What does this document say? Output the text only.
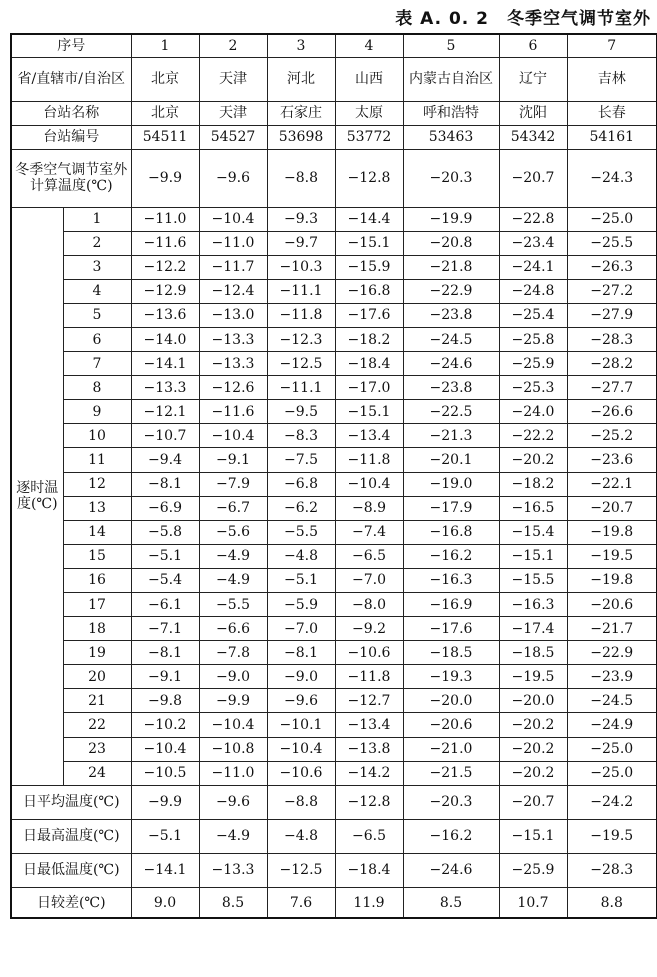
表 A. 0. 2　冬季空气调节室外
序号		1	2	3	4	5	6	7
省/直辖市/自治区		北京	天津	河北	山西	内蒙古自治区	辽宁	吉林
台站名称		北京	天津	石家庄	太原	呼和浩特	沈阳	长春
台站编号		54511	54527	53698	53772	53463	54342	54161
冬季空气调节室外计算温度(℃)		−9.9	−9.6	−8.8	−12.8	−20.3	−20.7	−24.3
逐时温度(℃)	1	−11.0	−10.4	−9.3	−14.4	−19.9	−22.8	−25.0
	2	−11.6	−11.0	−9.7	−15.1	−20.8	−23.4	−25.5
	3	−12.2	−11.7	−10.3	−15.9	−21.8	−24.1	−26.3
	4	−12.9	−12.4	−11.1	−16.8	−22.9	−24.8	−27.2
	5	−13.6	−13.0	−11.8	−17.6	−23.8	−25.4	−27.9
	6	−14.0	−13.3	−12.3	−18.2	−24.5	−25.8	−28.3
	7	−14.1	−13.3	−12.5	−18.4	−24.6	−25.9	−28.2
	8	−13.3	−12.6	−11.1	−17.0	−23.8	−25.3	−27.7
	9	−12.1	−11.6	−9.5	−15.1	−22.5	−24.0	−26.6
	10	−10.7	−10.4	−8.3	−13.4	−21.3	−22.2	−25.2
	11	−9.4	−9.1	−7.5	−11.8	−20.1	−20.2	−23.6
	12	−8.1	−7.9	−6.8	−10.4	−19.0	−18.2	−22.1
	13	−6.9	−6.7	−6.2	−8.9	−17.9	−16.5	−20.7
	14	−5.8	−5.6	−5.5	−7.4	−16.8	−15.4	−19.8
	15	−5.1	−4.9	−4.8	−6.5	−16.2	−15.1	−19.5
	16	−5.4	−4.9	−5.1	−7.0	−16.3	−15.5	−19.8
	17	−6.1	−5.5	−5.9	−8.0	−16.9	−16.3	−20.6
	18	−7.1	−6.6	−7.0	−9.2	−17.6	−17.4	−21.7
	19	−8.1	−7.8	−8.1	−10.6	−18.5	−18.5	−22.9
	20	−9.1	−9.0	−9.0	−11.8	−19.3	−19.5	−23.9
	21	−9.8	−9.9	−9.6	−12.7	−20.0	−20.0	−24.5
	22	−10.2	−10.4	−10.1	−13.4	−20.6	−20.2	−24.9
	23	−10.4	−10.8	−10.4	−13.8	−21.0	−20.2	−25.0
	24	−10.5	−11.0	−10.6	−14.2	−21.5	−20.2	−25.0
日平均温度(℃)		−9.9	−9.6	−8.8	−12.8	−20.3	−20.7	−24.2
日最高温度(℃)		−5.1	−4.9	−4.8	−6.5	−16.2	−15.1	−19.5
日最低温度(℃)		−14.1	−13.3	−12.5	−18.4	−24.6	−25.9	−28.3
日较差(℃)		9.0	8.5	7.6	11.9	8.5	10.7	8.8
